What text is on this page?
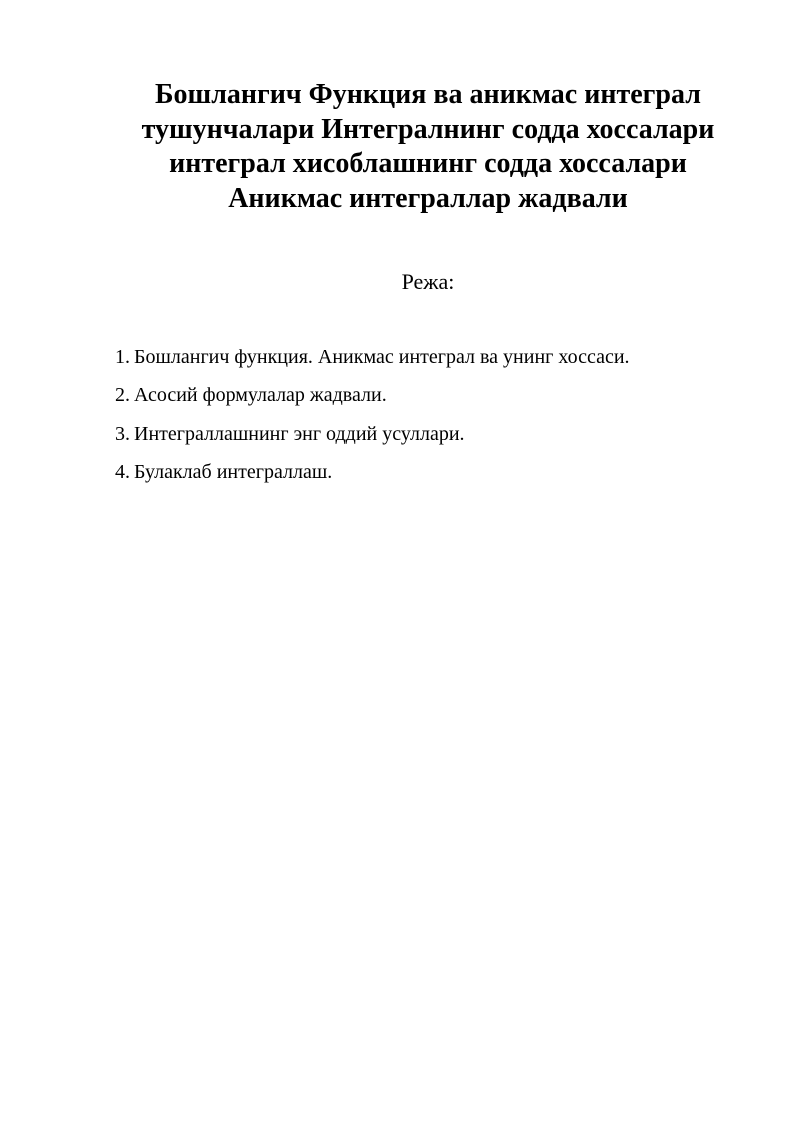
Бошлангич Функция ва аникмас интеграл
тушунчалари Интегралнинг содда хоссалари
интеграл хисоблашнинг содда хоссалари
Аникмас интеграллар жадвали
Режа:
1. Бошлангич функция. Аникмас интеграл ва унинг хоссаси.
2. Асосий формулалар жадвали.
3. Интеграллашнинг энг оддий усуллари.
4. Булаклаб интеграллаш.
